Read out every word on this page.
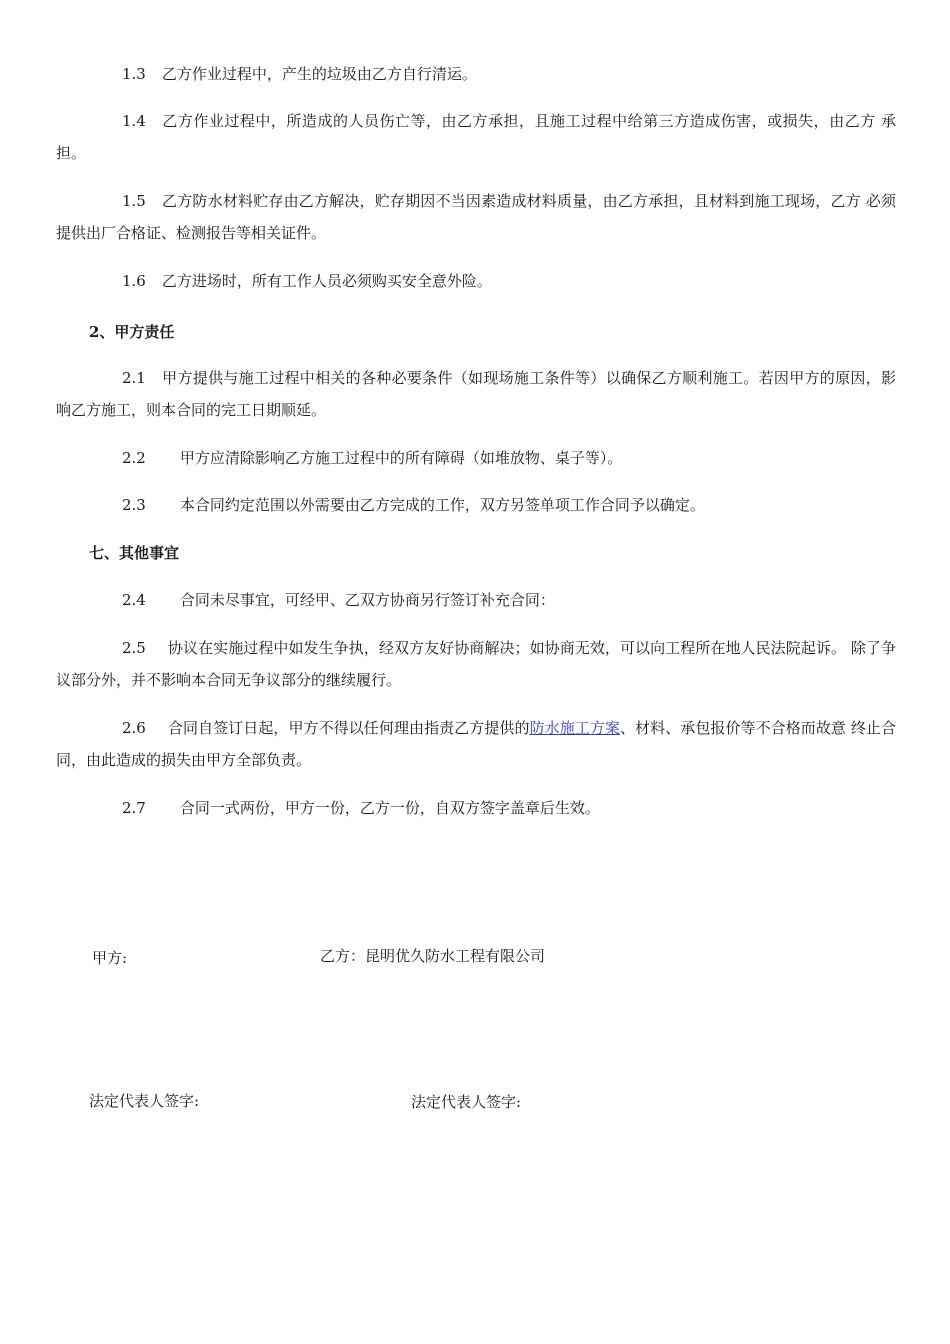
1.3 乙方作业过程中，产生的垃圾由乙方自行清运。
1.4 乙方作业过程中，所造成的人员伤亡等，由乙方承担，且施工过程中给第三方造成伤害，或损失，由乙方 承担。
1.5 乙方防水材料贮存由乙方解决，贮存期因不当因素造成材料质量，由乙方承担，且材料到施工现场，乙方 必须提供出厂合格证、检测报告等相关证件。
1.6 乙方进场时，所有工作人员必须购买安全意外险。
2、甲方责任
2.1 甲方提供与施工过程中相关的各种必要条件（如现场施工条件等）以确保乙方顺利施工。若因甲方的原因，影响乙方施工，则本合同的完工日期顺延。
2.2 甲方应清除影响乙方施工过程中的所有障碍（如堆放物、桌子等）。
2.3 本合同约定范围以外需要由乙方完成的工作，双方另签单项工作合同予以确定。
七、其他事宜
2.4 合同未尽事宜，可经甲、乙双方协商另行签订补充合同：
2.5 协议在实施过程中如发生争执，经双方友好协商解决；如协商无效，可以向工程所在地人民法院起诉。 除了争议部分外，并不影响本合同无争议部分的继续履行。
2.6 合同自签订日起，甲方不得以任何理由指责乙方提供的防水施工方案、材料、承包报价等不合格而故意 终止合同，由此造成的损失由甲方全部负责。
2.7 合同一式两份，甲方一份，乙方一份，自双方签字盖章后生效。
甲方:	乙方：昆明优久防水工程有限公司
法定代表人签字:	法定代表人签字:
